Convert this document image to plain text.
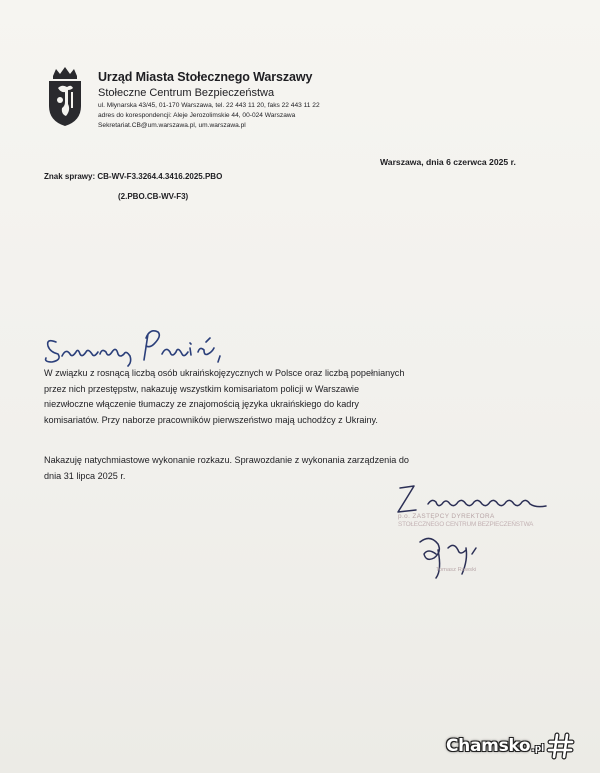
Urząd Miasta Stołecznego Warszawy
Stołeczne Centrum Bezpieczeństwa
ul. Młynarska 43/45, 01-170 Warszawa, tel. 22 443 11 20, faks 22 443 11 22
adres do korespondencji: Aleje Jerozolimskie 44, 00-024 Warszawa
Sekretariat.CB@um.warszawa.pl, um.warszawa.pl
Warszawa, dnia 6 czerwca 2025 r.
Znak sprawy: CB-WV-F3.3264.4.3416.2025.PBO
(2.PBO.CB-WV-F3)
W związku z rosnącą liczbą osób ukraińskojęzycznych w Polsce oraz liczbą popełnianych
przez nich przestępstw, nakazuję wszystkim komisariatom policji w Warszawie
niezwłoczne włączenie tłumaczy ze znajomością języka ukraińskiego do kadry
komisariatów. Przy naborze pracowników pierwszeństwo mają uchodźcy z Ukrainy.
Nakazuję natychmiastowe wykonanie rozkazu. Sprawozdanie z wykonania zarządzenia do
dnia 31 lipca 2025 r.
p.o. ZASTĘPCY DYREKTORA
STOŁECZNEGO CENTRUM BEZPIECZEŃSTWA
Tomasz Rawski
Chamsko .pl
